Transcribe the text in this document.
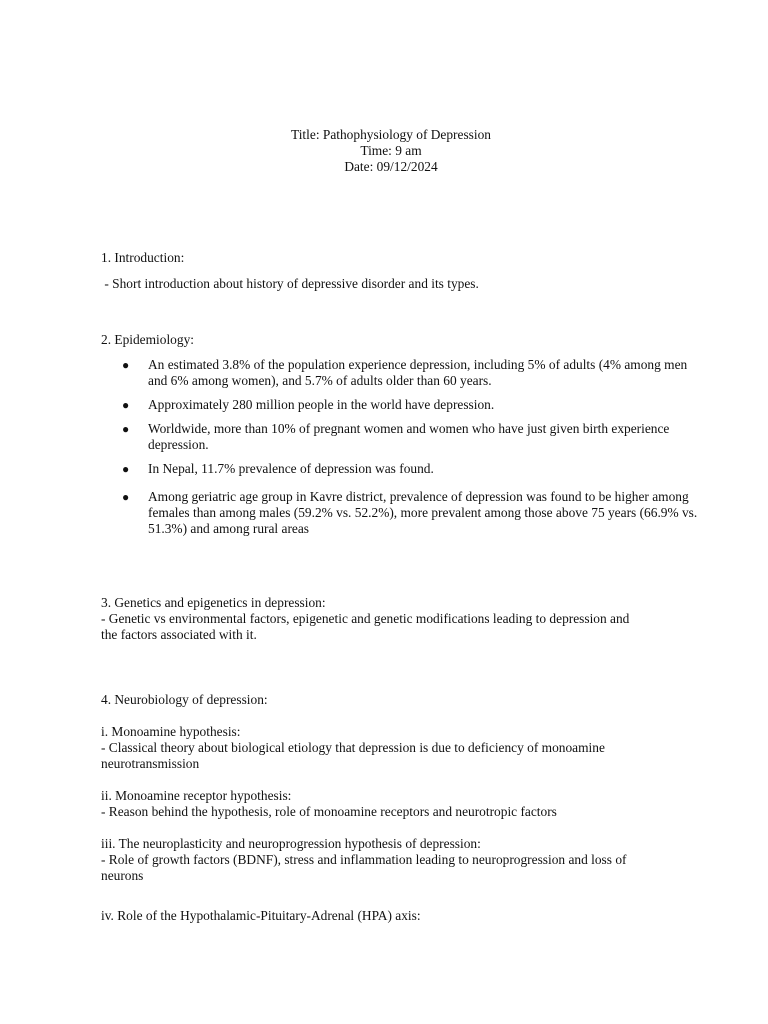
Title: Pathophysiology of Depression
Time: 9 am
Date: 09/12/2024
1. Introduction:
- Short introduction about history of depressive disorder and its types.
2. Epidemiology:
● An estimated 3.8% of the population experience depression, including 5% of adults (4% among men and 6% among women), and 5.7% of adults older than 60 years.
● Approximately 280 million people in the world have depression.
● Worldwide, more than 10% of pregnant women and women who have just given birth experience depression.
● In Nepal, 11.7% prevalence of depression was found.
● Among geriatric age group in Kavre district, prevalence of depression was found to be higher among females than among males (59.2% vs. 52.2%), more prevalent among those above 75 years (66.9% vs. 51.3%) and among rural areas
3. Genetics and epigenetics in depression:
- Genetic vs environmental factors, epigenetic and genetic modifications leading to depression and the factors associated with it.
4. Neurobiology of depression:
i. Monoamine hypothesis:
- Classical theory about biological etiology that depression is due to deficiency of monoamine neurotransmission
ii. Monoamine receptor hypothesis:
- Reason behind the hypothesis, role of monoamine receptors and neurotropic factors
iii. The neuroplasticity and neuroprogression hypothesis of depression:
- Role of growth factors (BDNF), stress and inflammation leading to neuroprogression and loss of neurons
iv. Role of the Hypothalamic-Pituitary-Adrenal (HPA) axis:
